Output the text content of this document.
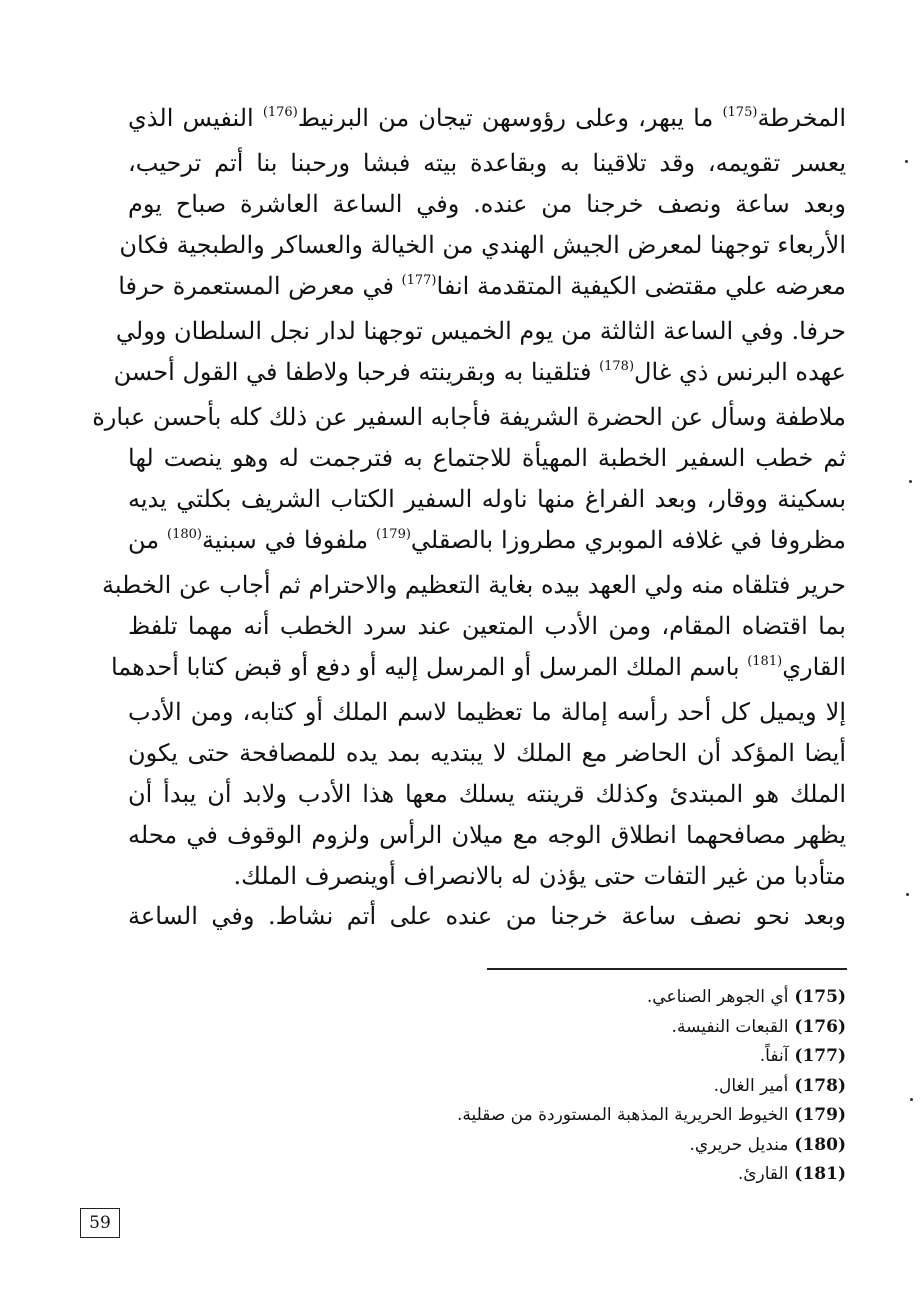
المخرطة$^{(175)}$ ما يبهر، وعلى رؤوسهن تيجان من البرنيط$^{(176)}$ النفيس الذي
يعسر تقويمه، وقد تلاقينا به وبقاعدة بيته فبشا ورحبنا بنا أتم ترحيب،
وبعد ساعة ونصف خرجنا من عنده. وفي الساعة العاشرة صباح يوم
الأربعاء توجهنا لمعرض الجيش الهندي من الخيالة والعساكر والطبجية فكان
معرضه علي مقتضى الكيفية المتقدمة انفا$^{(177)}$ في معرض المستعمرة حرفا
حرفا. وفي الساعة الثالثة من يوم الخميس توجهنا لدار نجل السلطان وولي
عهده البرنس ذي غال$^{(178)}$ فتلقينا به وبقرينته فرحبا ولاطفا في القول أحسن
ملاطفة وسأل عن الحضرة الشريفة فأجابه السفير عن ذلك كله بأحسن عبارة
ثم خطب السفير الخطبة المهيأة للاجتماع به فترجمت له وهو ينصت لها
بسكينة ووقار، وبعد الفراغ منها ناوله السفير الكتاب الشريف بكلتي يديه
مظروفا في غلافه الموبري مطروزا بالصقلي$^{(179)}$ ملفوفا في سبنية$^{(180)}$ من
حرير فتلقاه منه ولي العهد بيده بغاية التعظيم والاحترام ثم أجاب عن الخطبة
بما اقتضاه المقام، ومن الأدب المتعين عند سرد الخطب أنه مهما تلفظ
القاري$^{(181)}$ باسم الملك المرسل أو المرسل إليه أو دفع أو قبض كتابا أحدهما
إلا ويميل كل أحد رأسه إمالة ما تعظيما لاسم الملك أو كتابه، ومن الأدب
أيضا المؤكد أن الحاضر مع الملك لا يبتديه بمد يده للمصافحة حتى يكون
الملك هو المبتدئ وكذلك قرينته يسلك معها هذا الأدب ولابد أن يبدأ أن
يظهر مصافحهما انطلاق الوجه مع ميلان الرأس ولزوم الوقوف في محله
متأدبا من غير التفات حتى يؤذن له بالانصراف أوينصرف الملك.
وبعد نحو نصف ساعة خرجنا من عنده على أتم نشاط. وفي الساعة
(175)أي الجوهر الصناعي.
(176)القبعات النفيسة.
(177)آنفاً.
(178)أمير الغال.
(179)الخيوط الحريرية المذهبة المستوردة من صقلية.
(180)منديل حريري.
(181)القارئ.
59
